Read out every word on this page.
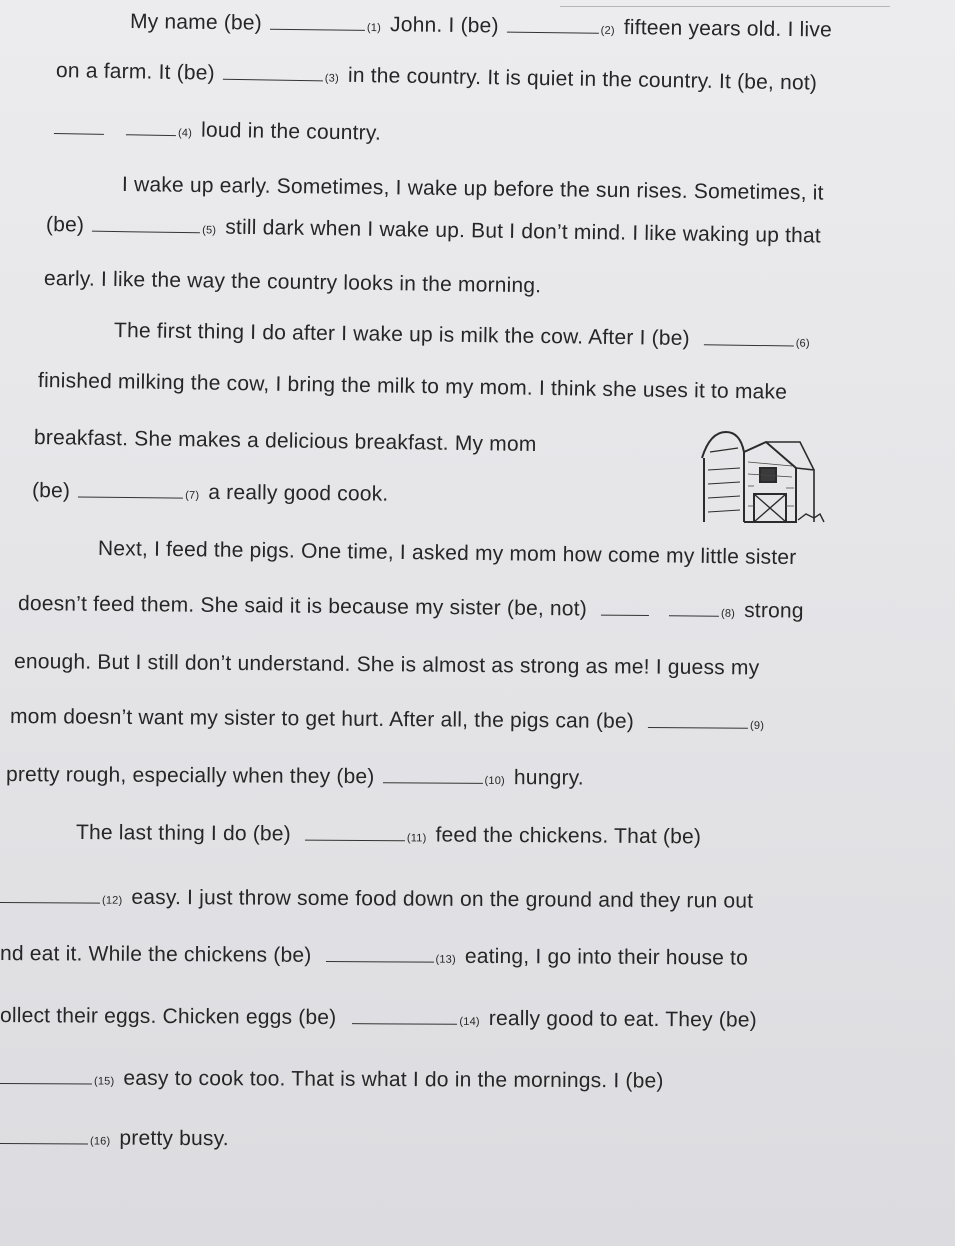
My name (be)	(1) John. I (be)	(2) fifteen years old. I live
on a farm. It (be)	(3) in the country. It is quiet in the country. It (be, not)
(4) loud in the country.
I wake up early. Sometimes, I wake up before the sun rises. Sometimes, it
(be)	(5) still dark when I wake up. But I don’t mind. I like waking up that
early. I like the way the country looks in the morning.
The first thing I do after I wake up is milk the cow. After I (be)	(6)
finished milking the cow, I bring the milk to my mom. I think she uses it to make
breakfast. She makes a delicious breakfast. My mom
(be)	(7) a really good cook.
Next, I feed the pigs. One time, I asked my mom how come my little sister
doesn’t feed them. She said it is because my sister (be, not)	(8) strong
enough. But I still don’t understand. She is almost as strong as me! I guess my
mom doesn’t want my sister to get hurt. After all, the pigs can (be)	(9)
pretty rough, especially when they (be)	(10) hungry.
The last thing I do (be)	(11) feed the chickens. That (be)
(12) easy. I just throw some food down on the ground and they run out
nd eat it. While the chickens (be)	(13) eating, I go into their house to
ollect their eggs. Chicken eggs (be)	(14) really good to eat. They (be)
(15) easy to cook too. That is what I do in the mornings. I (be)
(16) pretty busy.
